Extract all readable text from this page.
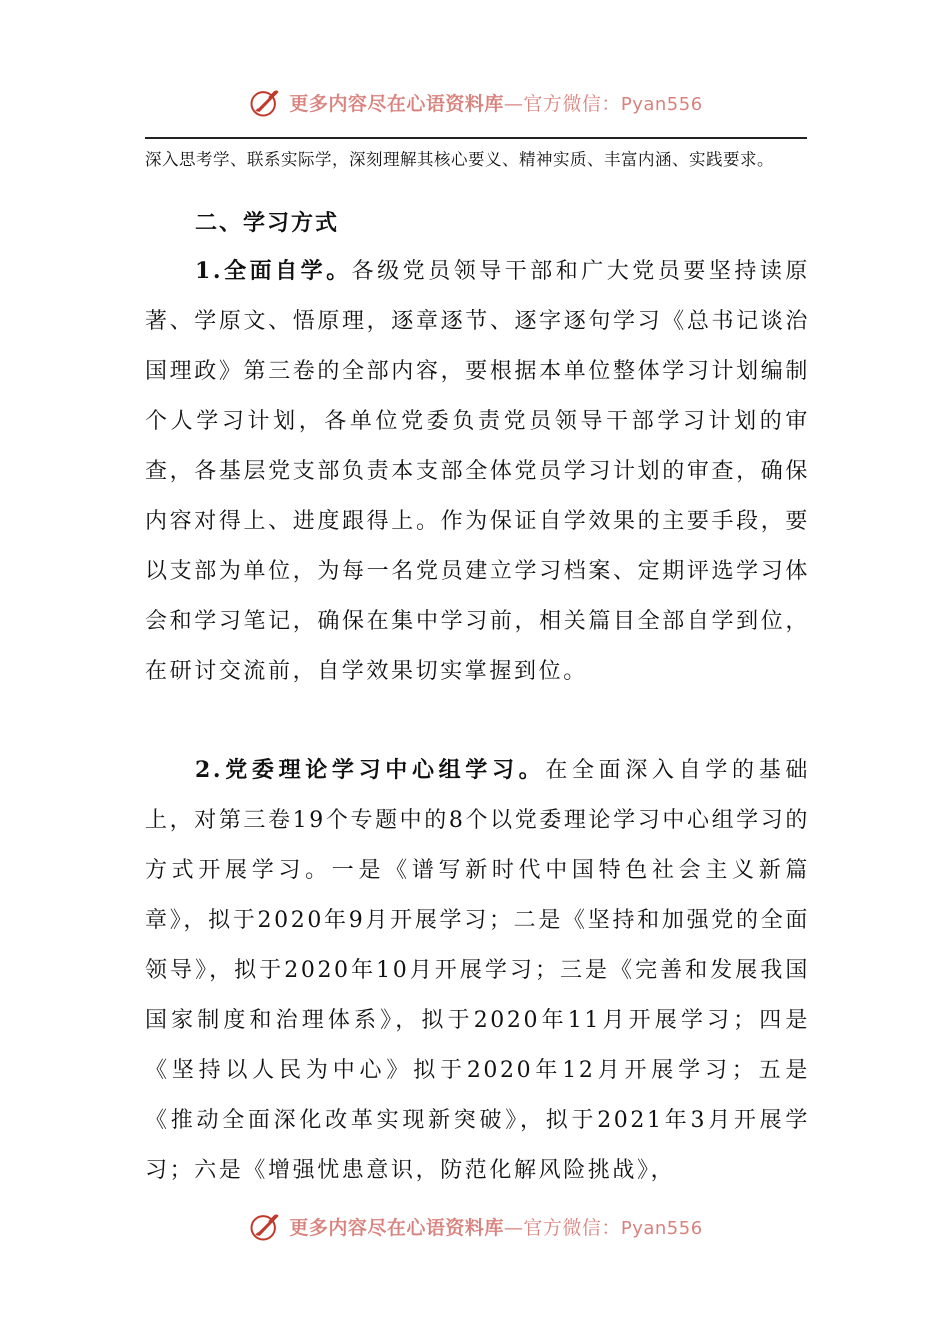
更多内容尽在心语资料库—官方微信：Pyan556
深入思考学、联系实际学，深刻理解其核心要义、精神实质、丰富内涵、实践要求。
二、学习方式

1.全面自学。各级党员领导干部和广大党员要坚持读原著、学原文、悟原理，逐章逐节、逐字逐句学习《总书记谈治国理政》第三卷的全部内容，要根据本单位整体学习计划编制个人学习计划，各单位党委负责党员领导干部学习计划的审查，各基层党支部负责本支部全体党员学习计划的审查，确保内容对得上、进度跟得上。作为保证自学效果的主要手段，要以支部为单位，为每一名党员建立学习档案、定期评选学习体会和学习笔记，确保在集中学习前，相关篇目全部自学到位，在研讨交流前，自学效果切实掌握到位。

2.党委理论学习中心组学习。在全面深入自学的基础上，对第三卷19个专题中的8个以党委理论学习中心组学习的方式开展学习。一是《谱写新时代中国特色社会主义新篇章》，拟于2020年9月开展学习；二是《坚持和加强党的全面领导》，拟于2020年10月开展学习；三是《完善和发展我国国家制度和治理体系》，拟于2020年11月开展学习；四是《坚持以人民为中心》拟于2020年12月开展学习；五是《推动全面深化改革实现新突破》，拟于2021年3月开展学习；六是《增强忧患意识，防范化解风险挑战》，

更多内容尽在心语资料库—官方微信：Pyan556
